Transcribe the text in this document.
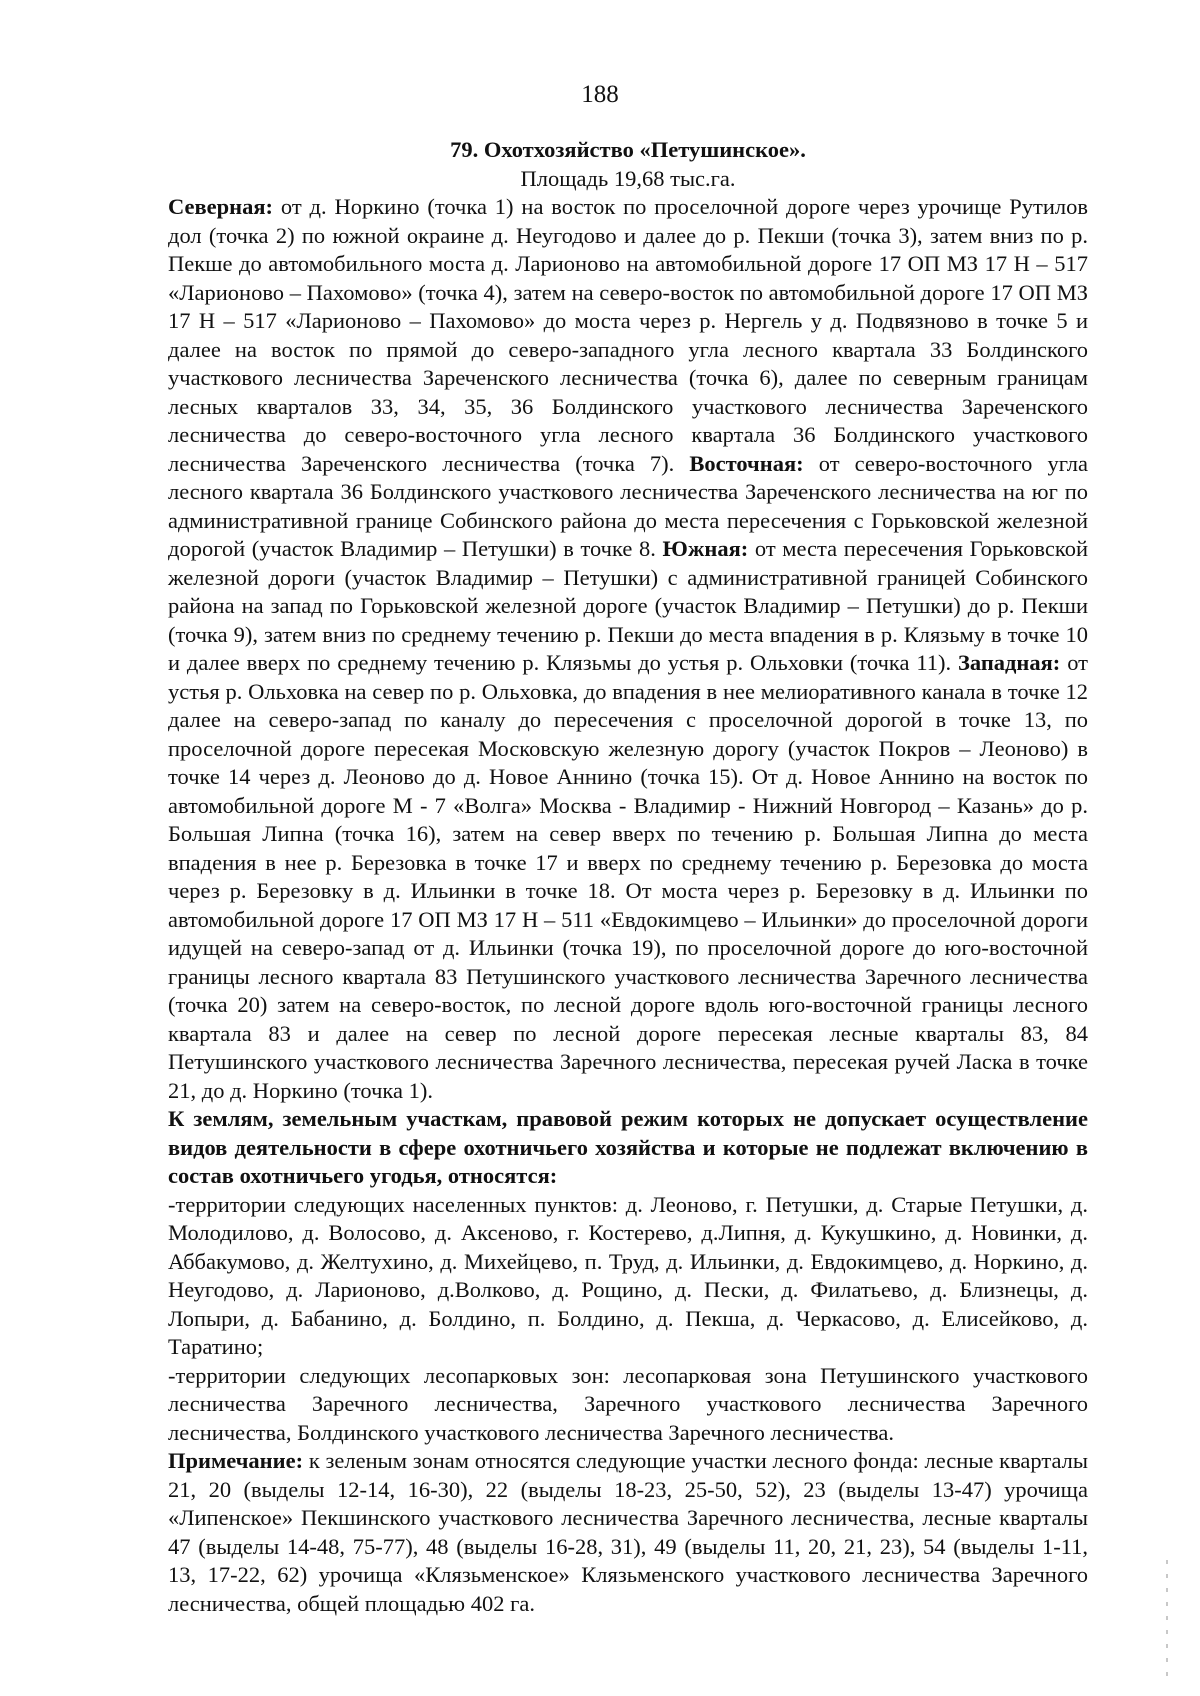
188
79. Охотхозяйство «Петушинское».
Площадь 19,68 тыс.га.

Северная: от д. Норкино (точка 1) на восток по проселочной дороге через урочище Рутилов дол (точка 2) по южной окраине д. Неугодово и далее до р. Пекши (точка 3), затем вниз по р. Пекше до автомобильного моста д. Ларионово на автомобильной дороге 17 ОП МЗ 17 Н – 517 «Ларионово – Пахомово» (точка 4), затем на северо-восток по автомобильной дороге 17 ОП МЗ 17 Н – 517 «Ларионово – Пахомово» до моста через р. Нергель у д. Подвязново в точке 5 и далее на восток по прямой до северо-западного угла лесного квартала 33 Болдинского участкового лесничества Зареченского лесничества (точка 6), далее по северным границам лесных кварталов 33, 34, 35, 36 Болдинского участкового лесничества Зареченского лесничества до северо-восточного угла лесного квартала 36 Болдинского участкового лесничества Зареченского лесничества (точка 7). Восточная: от северо-восточного угла лесного квартала 36 Болдинского участкового лесничества Зареченского лесничества на юг по административной границе Собинского района до места пересечения с Горьковской железной дорогой (участок Владимир – Петушки) в точке 8. Южная: от места пересечения Горьковской железной дороги (участок Владимир – Петушки) с административной границей Собинского района на запад по Горьковской железной дороге (участок Владимир – Петушки) до р. Пекши (точка 9), затем вниз по среднему течению р. Пекши до места впадения в р. Клязьму в точке 10 и далее вверх по среднему течению р. Клязьмы до устья р. Ольховки (точка 11). Западная: от устья р. Ольховка на север по р. Ольховка, до впадения в нее мелиоративного канала в точке 12 далее на северо-запад по каналу до пересечения с проселочной дорогой в точке 13, по проселочной дороге пересекая Московскую железную дорогу (участок Покров – Леоново) в точке 14 через д. Леоново до д. Новое Аннино (точка 15). От д. Новое Аннино на восток по автомобильной дороге М - 7 «Волга» Москва - Владимир - Нижний Новгород – Казань» до р. Большая Липна (точка 16), затем на север вверх по течению р. Большая Липна до места впадения в нее р. Березовка в точке 17 и вверх по среднему течению р. Березовка до моста через р. Березовку в д. Ильинки в точке 18. От моста через р. Березовку в д. Ильинки по автомобильной дороге 17 ОП МЗ 17 Н – 511 «Евдокимцево – Ильинки» до проселочной дороги идущей на северо-запад от д. Ильинки (точка 19), по проселочной дороге до юго-восточной границы лесного квартала 83 Петушинского участкового лесничества Заречного лесничества (точка 20) затем на северо-восток, по лесной дороге вдоль юго-восточной границы лесного квартала 83 и далее на север по лесной дороге пересекая лесные кварталы 83, 84 Петушинского участкового лесничества Заречного лесничества, пересекая ручей Ласка в точке 21, до д. Норкино (точка 1).

К землям, земельным участкам, правовой режим которых не допускает осуществление видов деятельности в сфере охотничьего хозяйства и которые не подлежат включению в состав охотничьего угодья, относятся:

-территории следующих населенных пунктов: д. Леоново, г. Петушки, д. Старые Петушки, д. Молодилово, д. Волосово, д. Аксеново, г. Костерево, д.Липня, д. Кукушкино, д. Новинки, д. Аббакумово, д. Желтухино, д. Михейцево, п. Труд, д. Ильинки, д. Евдокимцево, д. Норкино, д. Неугодово, д. Ларионово, д.Волково, д. Рощино, д. Пески, д. Филатьево, д. Близнецы, д. Лопыри, д. Бабанино, д. Болдино, п. Болдино, д. Пекша, д. Черкасово, д. Елисейково, д. Таратино;

-территории следующих лесопарковых зон: лесопарковая зона Петушинского участкового лесничества Заречного лесничества, Заречного участкового лесничества Заречного лесничества, Болдинского участкового лесничества Заречного лесничества.

Примечание: к зеленым зонам относятся следующие участки лесного фонда: лесные кварталы 21, 20 (выделы 12-14, 16-30), 22 (выделы 18-23, 25-50, 52), 23 (выделы 13-47) урочища «Липенское» Пекшинского участкового лесничества Заречного лесничества, лесные кварталы 47 (выделы 14-48, 75-77), 48 (выделы 16-28, 31), 49 (выделы 11, 20, 21, 23), 54 (выделы 1-11, 13, 17-22, 62) урочища «Клязьменское» Клязьменского участкового лесничества Заречного лесничества, общей площадью 402 га.
